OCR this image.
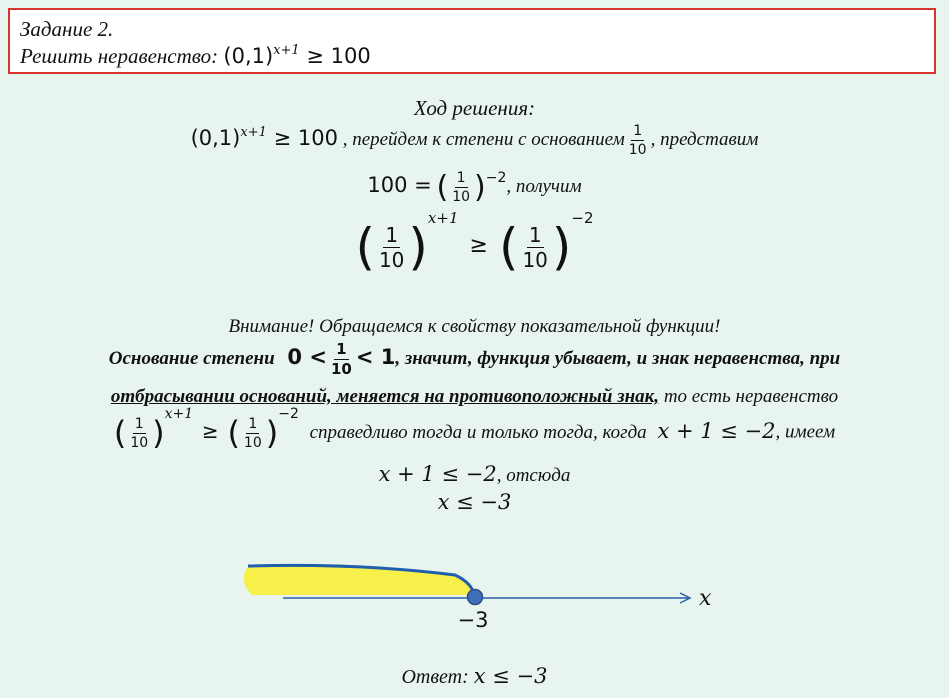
Задание 2.
Решить неравенство: $(0,1)^{x+1} \ge 100$
Ход решения:
$(0,1)^{x+1} \ge 100$ , перейдем к степени с основанием $\frac{1}{10}$ , представим
100 = ( $\frac{1}{10} )^{-2}$, получим
( $\frac{1}{10} )^{x+1}$ ≥ ( $\frac{1}{10} )^{-2}$
Внимание! Обращаемся к свойству показательной функции!
Основание степени $0 < \frac{1}{10} < 1$, значит, функция убывает, и знак неравенства, при
отбрасывании оснований, меняется на противоположный знак, то есть неравенство
( $\frac{1}{10} )^{x+1}$ ≥ ( $\frac{1}{10} )^{-2}$ справедливо тогда и только тогда, когда x + 1 ≤ −2, имеем
x + 1 ≤ −2, отсюда
x ≤ −3
x
−3
Ответ: x ≤ −3
